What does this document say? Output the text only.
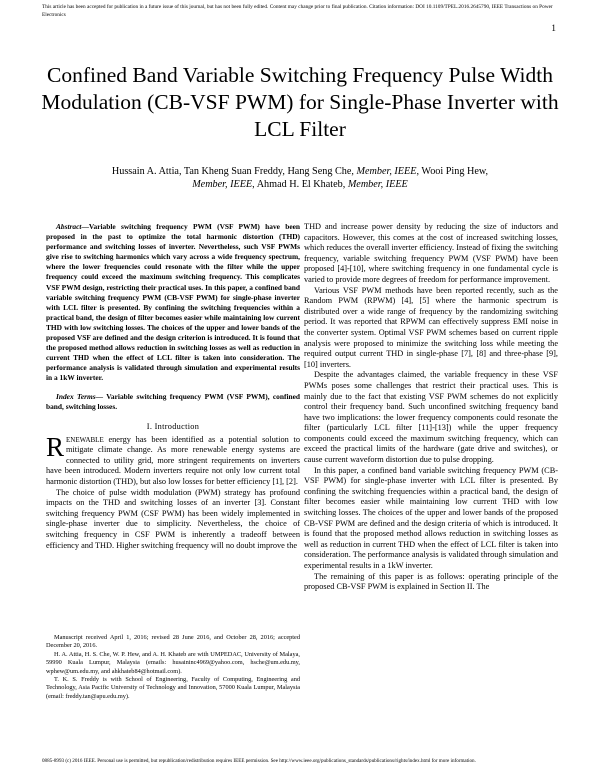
This article has been accepted for publication in a future issue of this journal, but has not been fully edited. Content may change prior to final publication. Citation information: DOI 10.1109/TPEL.2016.2645790, IEEE Transactions on Power Electronics
1
Confined Band Variable Switching Frequency Pulse Width Modulation (CB-VSF PWM) for Single-Phase Inverter with LCL Filter
Hussain A. Attia, Tan Kheng Suan Freddy, Hang Seng Che, Member, IEEE, Wooi Ping Hew,
Member, IEEE, Ahmad H. El Khateb, Member, IEEE

Abstract—Variable switching frequency PWM (VSF PWM) have been proposed in the past to optimize the total harmonic distortion (THD) performance and switching losses of inverter. Nevertheless, such VSF PWMs give rise to switching harmonics which vary across a wide frequency spectrum, where the lower frequencies could resonate with the filter while the upper frequency could exceed the maximum switching frequency. This complicates VSF PWM design, restricting their practical uses. In this paper, a confined band variable switching frequency PWM (CB-VSF PWM) for single-phase inverter with LCL filter is presented. By confining the switching frequencies within a practical band, the design of filter becomes easier while maintaining low current THD with low switching losses. The choices of the upper and lower bands of the proposed VSF are defined and the design criterion is introduced. It is found that the proposed method allows reduction in switching losses as well as reduction in current THD when the effect of LCL filter is taken into consideration. The performance analysis is validated through simulation and experimental results in a 1kW inverter.

Index Terms— Variable switching frequency PWM (VSF PWM), confined band, switching losses.

I. Introduction

RENEWABLE energy has been identified as a potential solution to mitigate climate change. As more renewable energy systems are connected to utility grid, more stringent requirements on inverters have been introduced. Modern inverters require not only low current total harmonic distortion (THD), but also low losses for better efficiency [1], [2].

The choice of pulse width modulation (PWM) strategy has profound impacts on the THD and switching losses of an inverter [3]. Constant switching frequency PWM (CSF PWM) has been widely implemented in single-phase inverter due to simplicity. Nevertheless, the choice of switching frequency in CSF PWM is inherently a tradeoff between efficiency and THD. Higher switching frequency will no doubt improve the

Manuscript received April 1, 2016; revised 28 June 2016, and October 28, 2016; accepted December 20, 2016.

H. A. Attia, H. S. Che, W. P. Hew, and A. H. Khateb are with UMPEDAC, University of Malaya, 59990 Kuala Lumpur, Malaysia (emails: husaininc4969@yahoo.com, hsche@um.edu.my, wphew@um.edu.my, and ahkhateb84@hotmail.com).

T. K. S. Freddy is with School of Engineering, Faculty of Computing, Engineering and Technology, Asia Pacific University of Technology and Innovation, 57000 Kuala Lumpur, Malaysia (email: freddy.tan@apu.edu.my).

THD and increase power density by reducing the size of inductors and capacitors. However, this comes at the cost of increased switching losses, which reduces the overall inverter efficiency. Instead of fixing the switching frequency, variable switching frequency PWM (VSF PWM) have been proposed [4]-[10], where switching frequency in one fundamental cycle is varied to provide more degrees of freedom for performance improvement.

Various VSF PWM methods have been reported recently, such as the Random PWM (RPWM) [4], [5] where the harmonic spectrum is distributed over a wide range of frequency by the randomizing switching period. It was reported that RPWM can effectively suppress EMI noise in the converter system. Optimal VSF PWM schemes based on current ripple analysis were proposed to minimize the switching loss while meeting the required output current THD in single-phase [7], [8] and three-phase [9], [10] inverters.

Despite the advantages claimed, the variable frequency in these VSF PWMs poses some challenges that restrict their practical uses. This is mainly due to the fact that existing VSF PWM schemes do not explicitly control their frequency band. Such unconfined switching frequency band have two implications: the lower frequency components could resonate the filter (particularly LCL filter [11]-[13]) while the upper frequency components could exceed the maximum switching frequency, which can exceed the practical limits of the hardware (gate drive and switches), or cause current waveform distortion due to pulse dropping.

In this paper, a confined band variable switching frequency PWM (CB-VSF PWM) for single-phase inverter with LCL filter is presented. By confining the switching frequencies within a practical band, the design of filter becomes easier while maintaining low current THD with low switching losses. The choices of the upper and lower bands of the proposed CB-VSF PWM are defined and the design criteria of which is introduced. It is found that the proposed method allows reduction in switching losses as well as reduction in current THD when the effect of LCL filter is taken into consideration. The performance analysis is validated through simulation and experimental results in a 1kW inverter.

The remaining of this paper is as follows: operating principle of the proposed CB-VSF PWM is explained in Section II. The

0885-8993 (c) 2016 IEEE. Personal use is permitted, but republication/redistribution requires IEEE permission. See http://www.ieee.org/publications_standards/publications/rights/index.html for more information.
